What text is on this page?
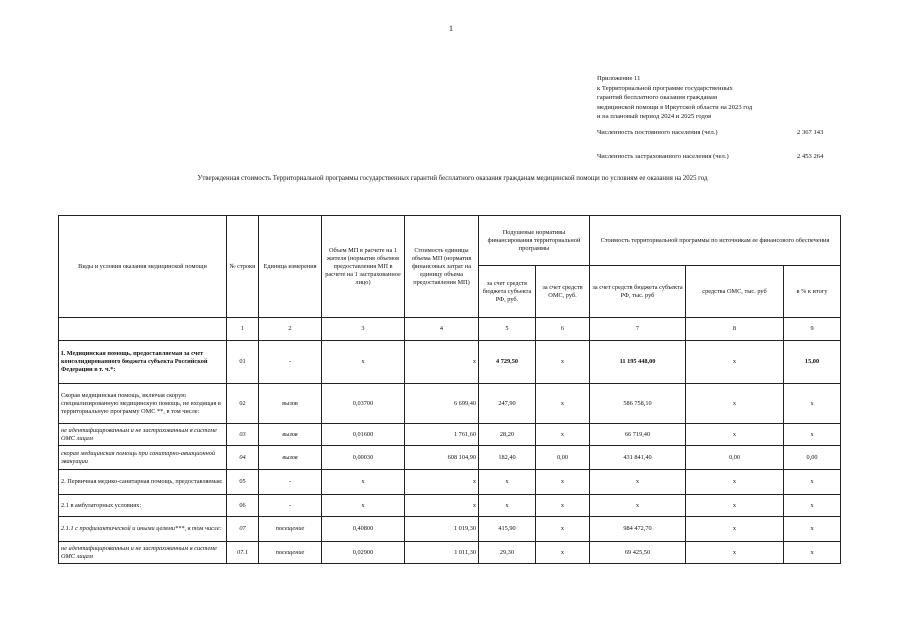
1
Приложение 11
к Территориальной программе государственных
гарантий бесплатного оказания гражданам
медицинской помощи в Иркутской области на 2023 год
и на плановый период 2024 и 2025 годов
Численность постоянного населения (чел.)	2 367 143
Численность застрахованного населения (чел.)	2 453 264
Утвержденная стоимость Территориальной программы государственных гарантий бесплатного оказания гражданам медицинской помощи по условиям ее оказания на 2025 год
Виды и условия оказания медицинской помощи	№ строки	Единица измерения	Объем МП в расчете на 1 жителя (норматив объемов предоставления МП в расчете на 1 застрахованное лицо)	Стоимость единицы объема МП (норматив финансовых затрат на единицу объема предоставления МП)	Подушевые нормативы финансирования территориальной программы		Стоимость территориальной программы по источникам ее финансового обеспечения		
					за счет средств бюджета субъекта РФ, руб.	за счет средств ОМС, руб.	за счет средств бюджета субъекта РФ, тыс. руб	средства ОМС, тыс. руб	в % к итогу
	1	2	3	4	5	6	7	8	9
I. Медицинская помощь, предоставляемая за счет консолидированного бюджета субъекта Российской Федерации в т. ч.*:	01	-	x	x	4 729,50	x	11 195 448,00	x	15,00
Скорая медицинская помощь, включая скорую специализированную медицинскую помощь, не входящая в территориальную программу ОМС **, в том числе:	02	вызов	0,03700	6 699,40	247,90	x	586 758,10	x	x
не идентифицированным и не застрахованным в системе ОМС лицам	03	вызов	0,01600	1 761,60	28,20	x	66 719,40	x	x
скорая медицинская помощь при санитарно-авиационной эвакуации	04	вызов	0,00030	608 104,90	182,40	0,00	431 841,40	0,00	0,00
2. Первичная медико-санитарная помощь, предоставляемая:	05	-	x	x	x	x	x	x	x
2.1 в амбулаторных условиях:	06	-	x	x	x	x	x	x	x
2.1.1 с профилактической и иными целями***, в том числе:	07	посещение	0,40800	1 019,30	415,90	x	984 472,70	x	x
не идентифицированным и не застрахованным в системе ОМС лицам	07.1	посещение	0,02900	1 011,30	29,30	x	69 425,50	x	x
